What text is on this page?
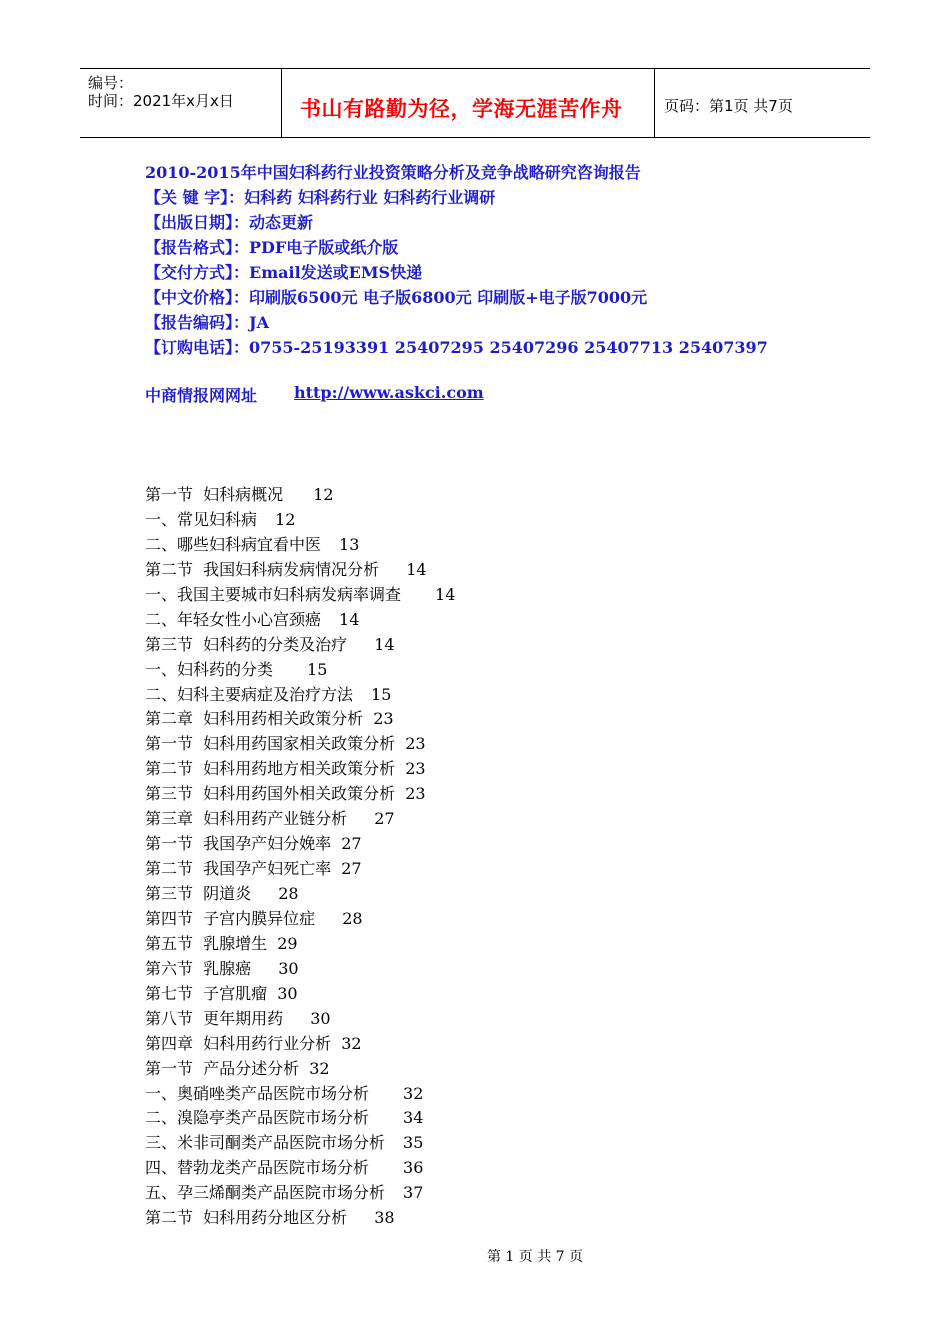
编号：
时间：2021年x月x日	书山有路勤为径，学海无涯苦作舟	页码：第1页 共7页
2010-2015年中国妇科药行业投资策略分析及竞争战略研究咨询报告
【关 键 字】：妇科药 妇科药行业 妇科药行业调研
【出版日期】：动态更新
【报告格式】：PDF电子版或纸介版
【交付方式】：Email发送或EMS快递
【中文价格】：印刷版6500元 电子版6800元 印刷版+电子版7000元
【报告编码】：JA
【订购电话】：0755-25193391 25407295 25407296 25407713 25407397
中商情报网网址 http://www.askci.com
第一节  妇科病概况 12
一、常见妇科病 12
二、哪些妇科病宜看中医 13
第二节  我国妇科病发病情况分析 14
一、我国主要城市妇科病发病率调查 14
二、年轻女性小心宫颈癌 14
第三节  妇科药的分类及治疗 14
一、妇科药的分类 15
二、妇科主要病症及治疗方法 15
第二章  妇科用药相关政策分析 23
第一节  妇科用药国家相关政策分析 23
第二节  妇科用药地方相关政策分析 23
第三节  妇科用药国外相关政策分析 23
第三章  妇科用药产业链分析 27
第一节  我国孕产妇分娩率 27
第二节  我国孕产妇死亡率 27
第三节  阴道炎 28
第四节  子宫内膜异位症 28
第五节  乳腺增生 29
第六节  乳腺癌 30
第七节  子宫肌瘤 30
第八节  更年期用药 30
第四章  妇科用药行业分析 32
第一节  产品分述分析 32
一、奥硝唑类产品医院市场分析 32
二、溴隐亭类产品医院市场分析 34
三、米非司酮类产品医院市场分析 35
四、替勃龙类产品医院市场分析 36
五、孕三烯酮类产品医院市场分析 37
第二节  妇科用药分地区分析 38
第 1 页 共 7 页
